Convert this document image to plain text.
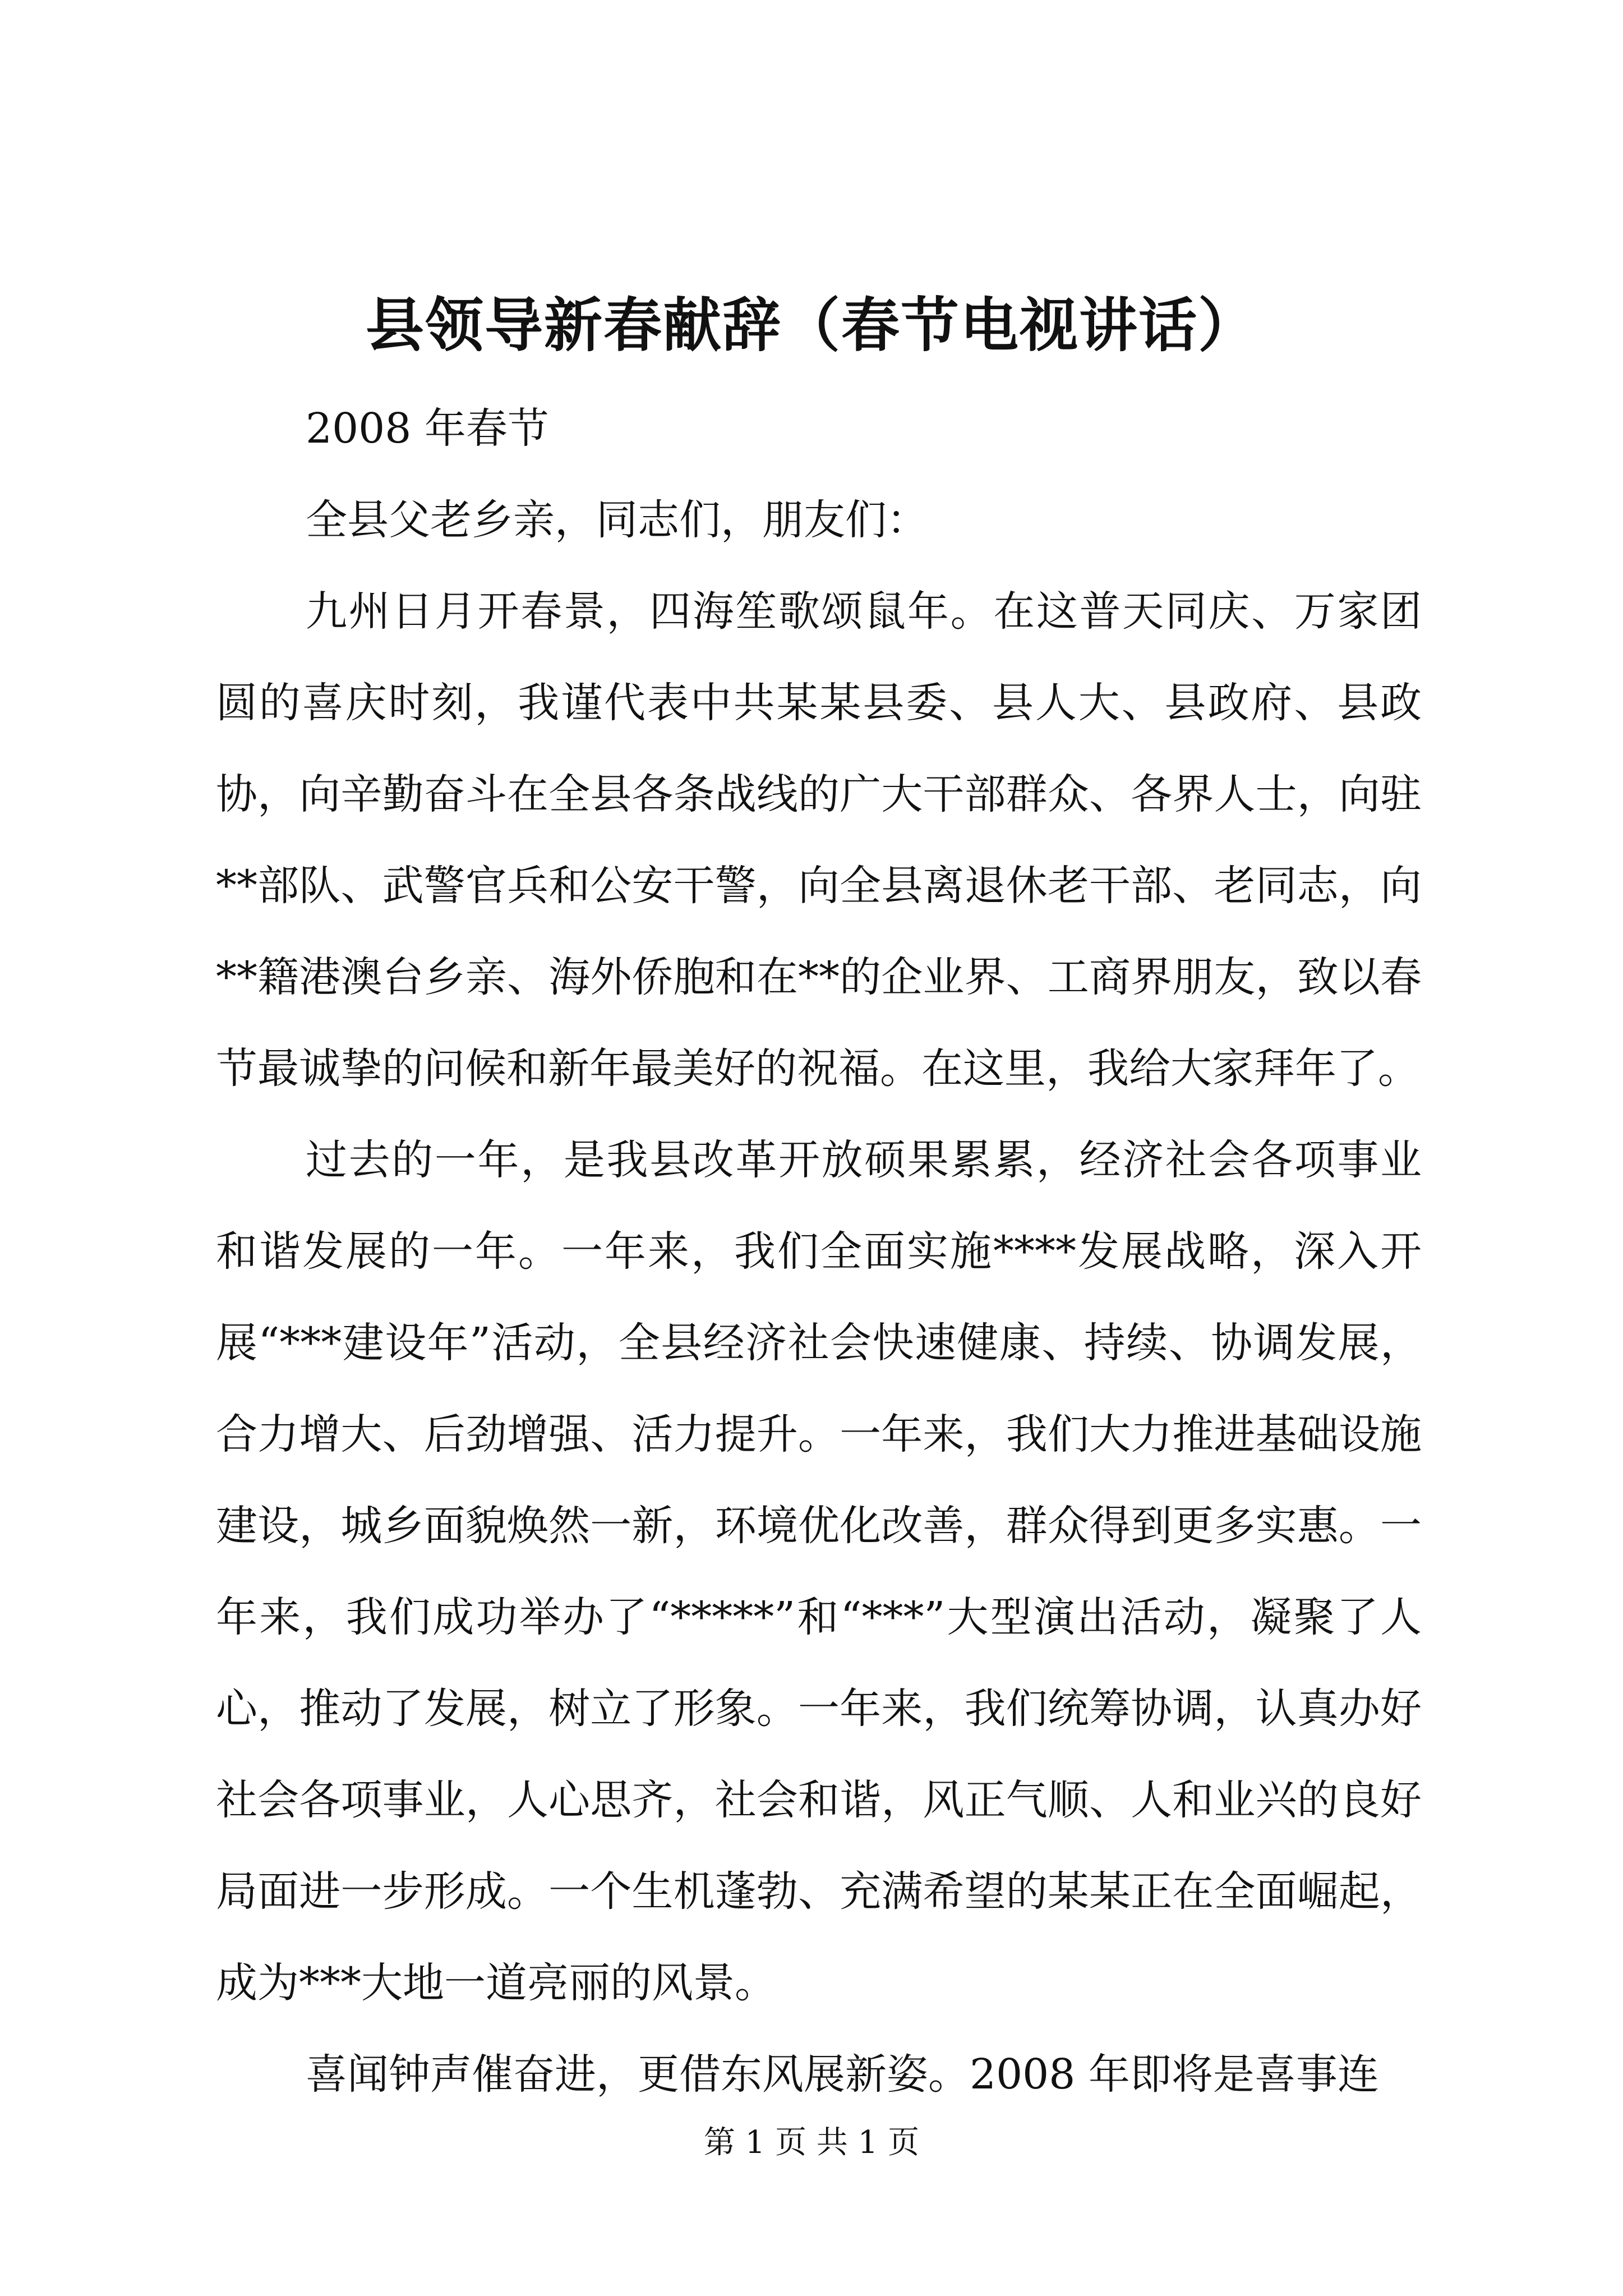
县领导新春献辞（春节电视讲话）

2008 年春节

全县父老乡亲，同志们，朋友们：

九州日月开春景，四海笙歌颂鼠年。在这普天同庆、万家团圆的喜庆时刻，我谨代表中共某某县委、县人大、县政府、县政协，向辛勤奋斗在全县各条战线的广大干部群众、各界人士，向驻**部队、武警官兵和公安干警，向全县离退休老干部、老同志，向**籍港澳台乡亲、海外侨胞和在**的企业界、工商界朋友，致以春节最诚挚的问候和新年最美好的祝福。在这里，我给大家拜年了。

过去的一年，是我县改革开放硕果累累，经济社会各项事业和谐发展的一年。一年来，我们全面实施****发展战略，深入开展“***建设年”活动，全县经济社会快速健康、持续、协调发展，合力增大、后劲增强、活力提升。一年来，我们大力推进基础设施建设，城乡面貌焕然一新，环境优化改善，群众得到更多实惠。一年来，我们成功举办了“*****”和“***”大型演出活动，凝聚了人心，推动了发展，树立了形象。一年来，我们统筹协调，认真办好社会各项事业，人心思齐，社会和谐，风正气顺、人和业兴的良好局面进一步形成。一个生机蓬勃、充满希望的某某正在全面崛起，成为***大地一道亮丽的风景。

喜闻钟声催奋进，更借东风展新姿。2008 年即将是喜事连

第 1 页 共 1 页
